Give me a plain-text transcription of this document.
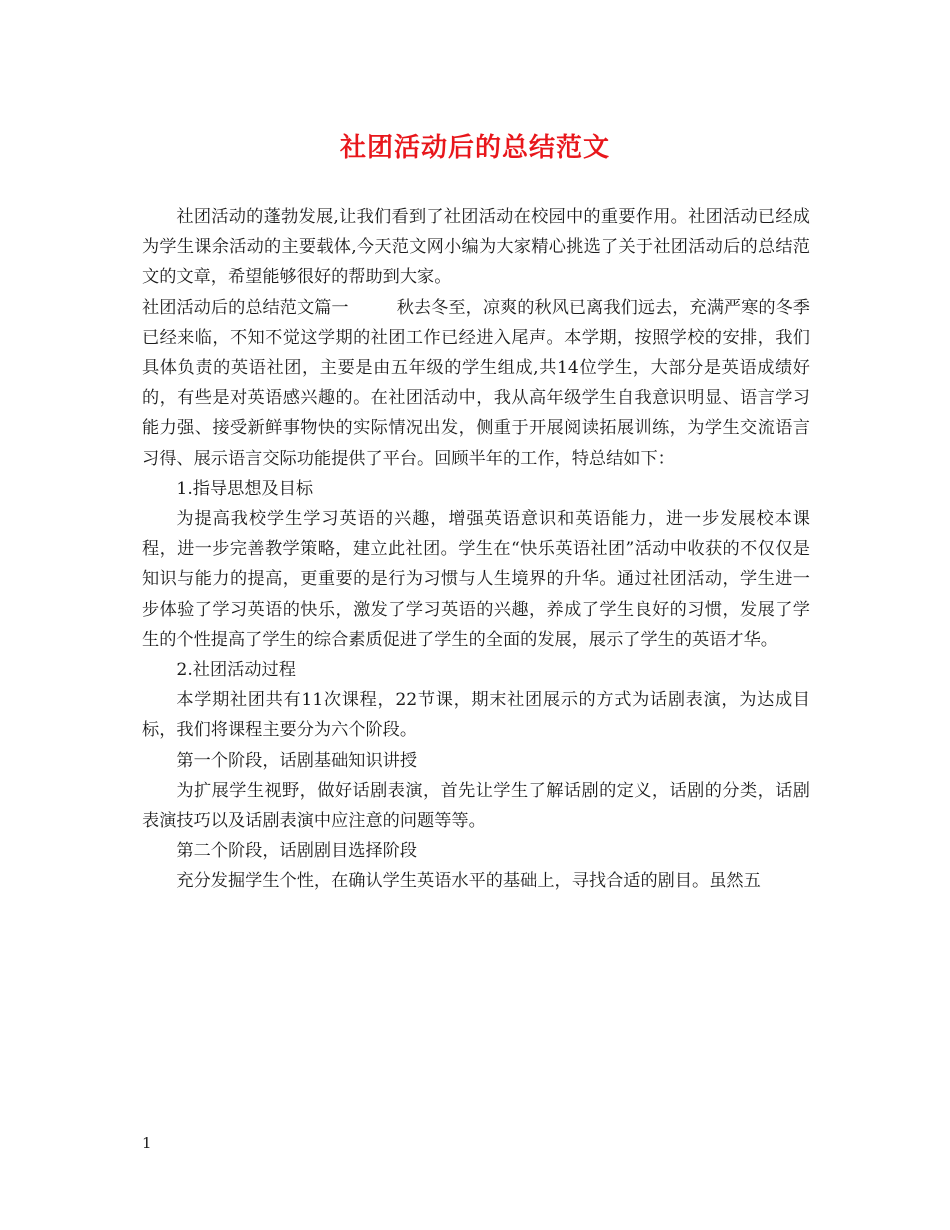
社团活动后的总结范文

社团活动的蓬勃发展,让我们看到了社团活动在校园中的重要作用。社团活动已经成为学生课余活动的主要载体,今天范文网小编为大家精心挑选了关于社团活动后的总结范文的文章，希望能够很好的帮助到大家。

社团活动后的总结范文篇一	秋去冬至，凉爽的秋风已离我们远去，充满严寒的冬季已经来临，不知不觉这学期的社团工作已经进入尾声。本学期，按照学校的安排，我们具体负责的英语社团，主要是由五年级的学生组成,共14位学生，大部分是英语成绩好的，有些是对英语感兴趣的。在社团活动中，我从高年级学生自我意识明显、语言学习能力强、接受新鲜事物快的实际情况出发，侧重于开展阅读拓展训练，为学生交流语言习得、展示语言交际功能提供了平台。回顾半年的工作，特总结如下：

1.指导思想及目标

为提高我校学生学习英语的兴趣，增强英语意识和英语能力，进一步发展校本课程，进一步完善教学策略，建立此社团。学生在“快乐英语社团”活动中收获的不仅仅是知识与能力的提高，更重要的是行为习惯与人生境界的升华。通过社团活动，学生进一步体验了学习英语的快乐，激发了学习英语的兴趣，养成了学生良好的习惯，发展了学生的个性提高了学生的综合素质促进了学生的全面的发展，展示了学生的英语才华。

2.社团活动过程

本学期社团共有11次课程，22节课，期末社团展示的方式为话剧表演，为达成目标，我们将课程主要分为六个阶段。

第一个阶段，话剧基础知识讲授

为扩展学生视野，做好话剧表演，首先让学生了解话剧的定义，话剧的分类，话剧表演技巧以及话剧表演中应注意的问题等等。

第二个阶段，话剧剧目选择阶段

充分发掘学生个性，在确认学生英语水平的基础上，寻找合适的剧目。虽然五

1
